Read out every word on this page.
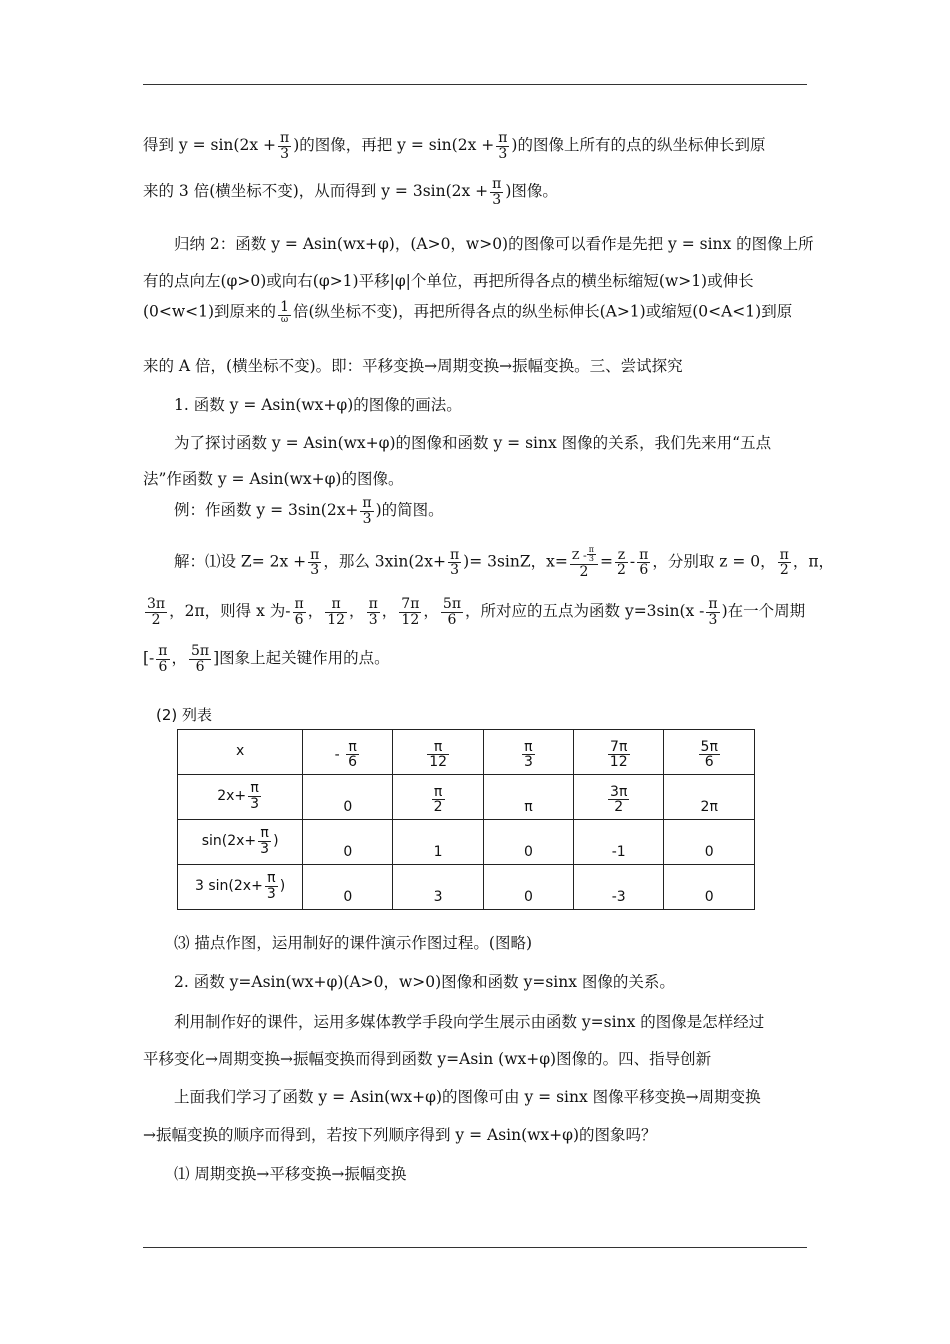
得到 $y = \sin(2x + \frac{\pi}{3}$ )的图像，再把 $y = \sin(2x + \frac{\pi}{3}$ )的图像上所有的点的纵坐标伸长到原
来的 3 倍(横坐标不变)，从而得到 $y = 3\sin(2x + \frac{\pi}{3}$ )图像。
归纳 2：函数 y = Asin(wx+φ)，(A>0，w>0)的图像可以看作是先把 y = sinx 的图像上所
有的点向左(φ>0)或向右(φ>1)平移|φ|个单位，再把所得各点的横坐标缩短(w>1)或伸长
(0<w<1)到原来的 $\frac{1}{\omega}$ 倍(纵坐标不变)，再把所得各点的纵坐标伸长(A>1)或缩短(0<A<1)到原
来的 A 倍，(横坐标不变)。即：平移变换→周期变换→振幅变换。三、尝试探究
1. 函数 y = Asin(wx+φ)的图像的画法。
为了探讨函数 y = Asin(wx+φ)的图像和函数 y = sinx 图像的关系，我们先来用“五点
法”作函数 y = Asin(wx+φ)的图像。
例：作函数 $y = 3\sin(2x+ \frac{\pi}{3}$ )的简图。
解：⑴设 $Z= 2x + \frac{\pi}{3}$ ，那么 $3xin(2x+ \frac{\pi}{3}$ )= 3sinZ，$x= \frac{Z - \frac{\pi}{3}}{2} = \frac{z}{2} - \frac{\pi}{6}$ ，分别取 z = 0， $\frac{\pi}{2}$ ，π，
$\frac{3\pi}{2}$ ，2π，则得 x 为- $\frac{\pi}{6}$ ， $\frac{\pi}{12}$ ， $\frac{\pi}{3}$ ， $\frac{7\pi}{12}$ ， $\frac{5\pi}{6}$ ，所对应的五点为函数 $y=3\sin(x - \frac{\pi}{3}$ )在一个周期
[- $\frac{\pi}{6}$ ， $\frac{5\pi}{6}$ ]图象上起关键作用的点。
(2) 列表
x	- $\frac{\pi}{6}$	$\frac{\pi}{12}$	$\frac{\pi}{3}$	$\frac{7\pi}{12}$	$\frac{5\pi}{6}$

$2x+ \frac{\pi}{3}$	0	$\frac{\pi}{2}$	π	$\frac{3\pi}{2}$	2π
$\sin(2x+ \frac{\pi}{3}$ )	0	1	0	-1	0
3 $\sin(2x+ \frac{\pi}{3}$ )	0	3	0	-3	0
⑶ 描点作图，运用制好的课件演示作图过程。(图略)
2. 函数 y=Asin(wx+φ)(A>0，w>0)图像和函数 y=sinx 图像的关系。
利用制作好的课件，运用多媒体教学手段向学生展示由函数 y=sinx 的图像是怎样经过
平移变化→周期变换→振幅变换而得到函数 y=Asin (wx+φ)图像的。四、指导创新
上面我们学习了函数 y = Asin(wx+φ)的图像可由 y = sinx 图像平移变换→周期变换
→振幅变换的顺序而得到，若按下列顺序得到 y = Asin(wx+φ)的图象吗？
⑴ 周期变换→平移变换→振幅变换
